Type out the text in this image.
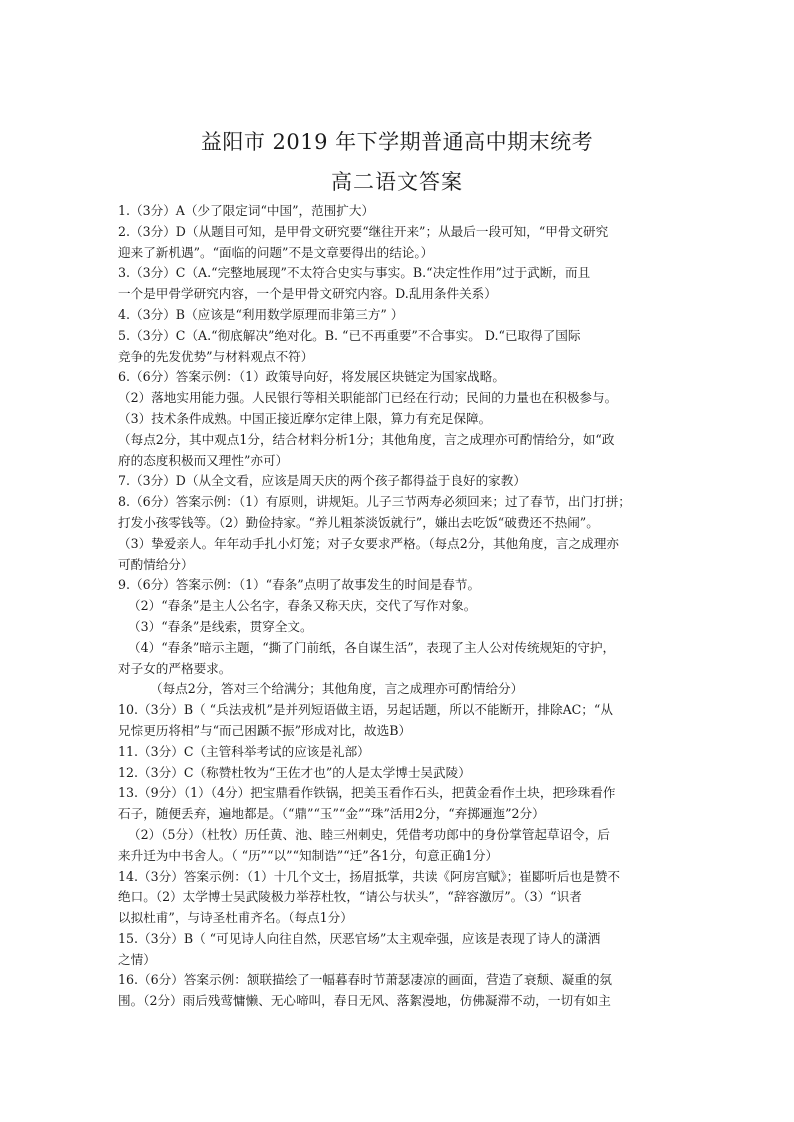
益阳市 2019 年下学期普通高中期末统考
高二语文答案
1.（3分）A（少了限定词“中国”，范围扩大）
2.（3分）D（从题目可知，是甲骨文研究要“继往开来”；从最后一段可知，“甲骨文研究
迎来了新机遇”。“面临的问题”不是文章要得出的结论。）
3.（3分）C（A.“完整地展现”不太符合史实与事实。B.“决定性作用”过于武断，而且
一个是甲骨学研究内容，一个是甲骨文研究内容。D.乱用条件关系）
4.（3分）B（应该是“利用数学原理而非第三方” ）
5.（3分）C（A.“彻底解决”绝对化。B. “已不再重要”不合事实。 D.“已取得了国际
竞争的先发优势”与材料观点不符）
6.（6分）答案示例：（1）政策导向好，将发展区块链定为国家战略。
（2）落地实用能力强。人民银行等相关职能部门已经在行动；民间的力量也在积极参与。
（3）技术条件成熟。中国正接近摩尔定律上限，算力有充足保障。
（每点2分，其中观点1分，结合材料分析1分；其他角度，言之成理亦可酌情给分，如“政
府的态度积极而又理性”亦可）
7.（3分）D（从全文看，应该是周天庆的两个孩子都得益于良好的家教）
8.（6分）答案示例：（1）有原则，讲规矩。儿子三节两寿必须回来；过了春节，出门打拼；
打发小孩零钱等。（2）勤俭持家。“养儿粗茶淡饭就行”，嫌出去吃饭“破费还不热闹”。
（3）挚爱亲人。年年动手扎小灯笼；对子女要求严格。（每点2分，其他角度，言之成理亦
可酌情给分）
9.（6分）答案示例：（1）“春条”点明了故事发生的时间是春节。
（2）“春条”是主人公名字，春条又称天庆，交代了写作对象。
（3）“春条”是线索，贯穿全文。
（4）“春条”暗示主题，“撕了门前纸，各自谋生活”，表现了主人公对传统规矩的守护，
对子女的严格要求。
（每点2分，答对三个给满分；其他角度，言之成理亦可酌情给分）
10.（3分）B（ “兵法戎机”是并列短语做主语，另起话题，所以不能断开，排除AC；“从
兄悰更历将相”与“而己困踬不振”形成对比，故选B）
11.（3分）C（主管科举考试的应该是礼部）
12.（3分）C（称赞杜牧为“王佐才也”的人是太学博士吴武陵）
13.（9分）（1）（4分）把宝鼎看作铁锅，把美玉看作石头，把黄金看作土块，把珍珠看作
石子，随便丢弃，遍地都是。（“鼎”“玉”“金”“珠”活用2分，“弃掷逦迤”2分）
（2）（5分）（杜牧）历任黄、池、睦三州刺史，凭借考功郎中的身份掌管起草诏令，后
来升迁为中书舍人。（ “历”“以”“知制诰”“迁”各1分，句意正确1分）
14.（3分）答案示例：（1）十几个文士，扬眉抵掌，共读《阿房宫赋》；崔郾听后也是赞不
绝口。（2）太学博士吴武陵极力举荐杜牧，“请公与状头”，“辞容激厉”。（3）“识者
以拟杜甫”，与诗圣杜甫齐名。（每点1分）
15.（3分）B（ “可见诗人向往自然，厌恶官场”太主观牵强，应该是表现了诗人的潇洒
之情）
16.（6分）答案示例：颔联描绘了一幅暮春时节萧瑟凄凉的画面，营造了衰颓、凝重的氛
围。（2分）雨后残莺慵懒、无心啼叫，春日无风、落絮漫地，仿佛凝滞不动，一切有如主
